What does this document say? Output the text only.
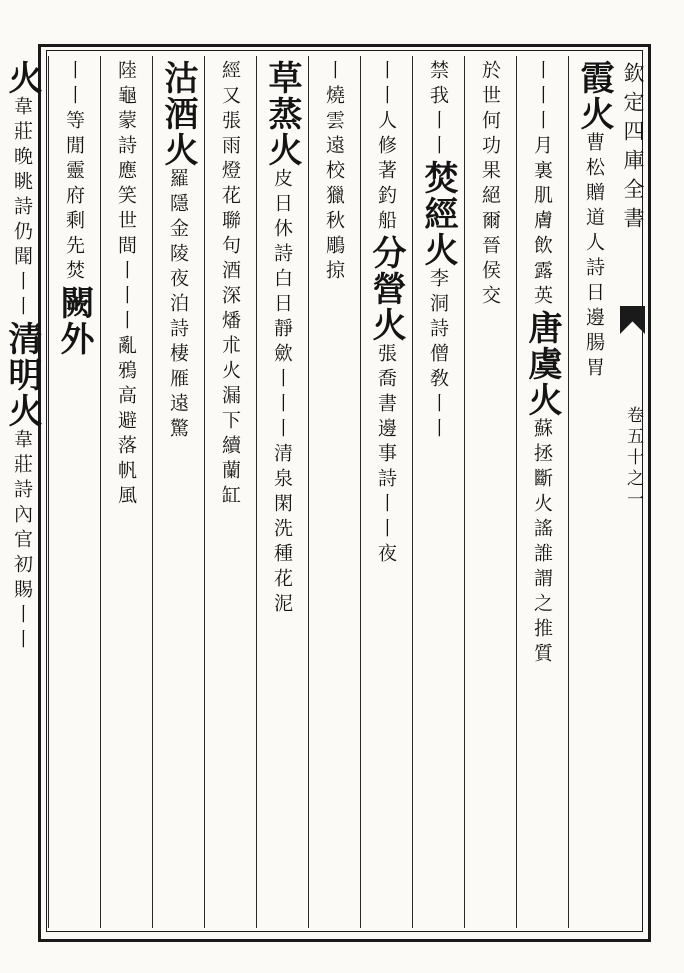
欽定四庫全書
卷五十之一
霞火曹松贈道人詩日邊腸胃
丨丨丨月裏肌膚飲露英唐虞火蘇拯斷火謠誰謂之推質
於世何功果絕爾晉侯交
禁我丨丨焚經火李洞詩僧敎丨丨
丨丨人修著釣船分營火張喬書邊事詩丨丨夜
丨燒雲遠校獵秋鵰掠
草蒸火皮日休詩白日靜歛丨丨丨清泉閑洗種花泥
經又張雨燈花聯句酒深燔朮火漏下續蘭缸
沽酒火羅隱金陵夜泊詩棲雁遠驚
陸龜蒙詩應笑世間丨丨丨亂鴉高避落帆風
丨丨等閒靈府剩先焚闕外
火韋莊晚眺詩仍聞丨丨清明火韋莊詩內官初賜丨丨
